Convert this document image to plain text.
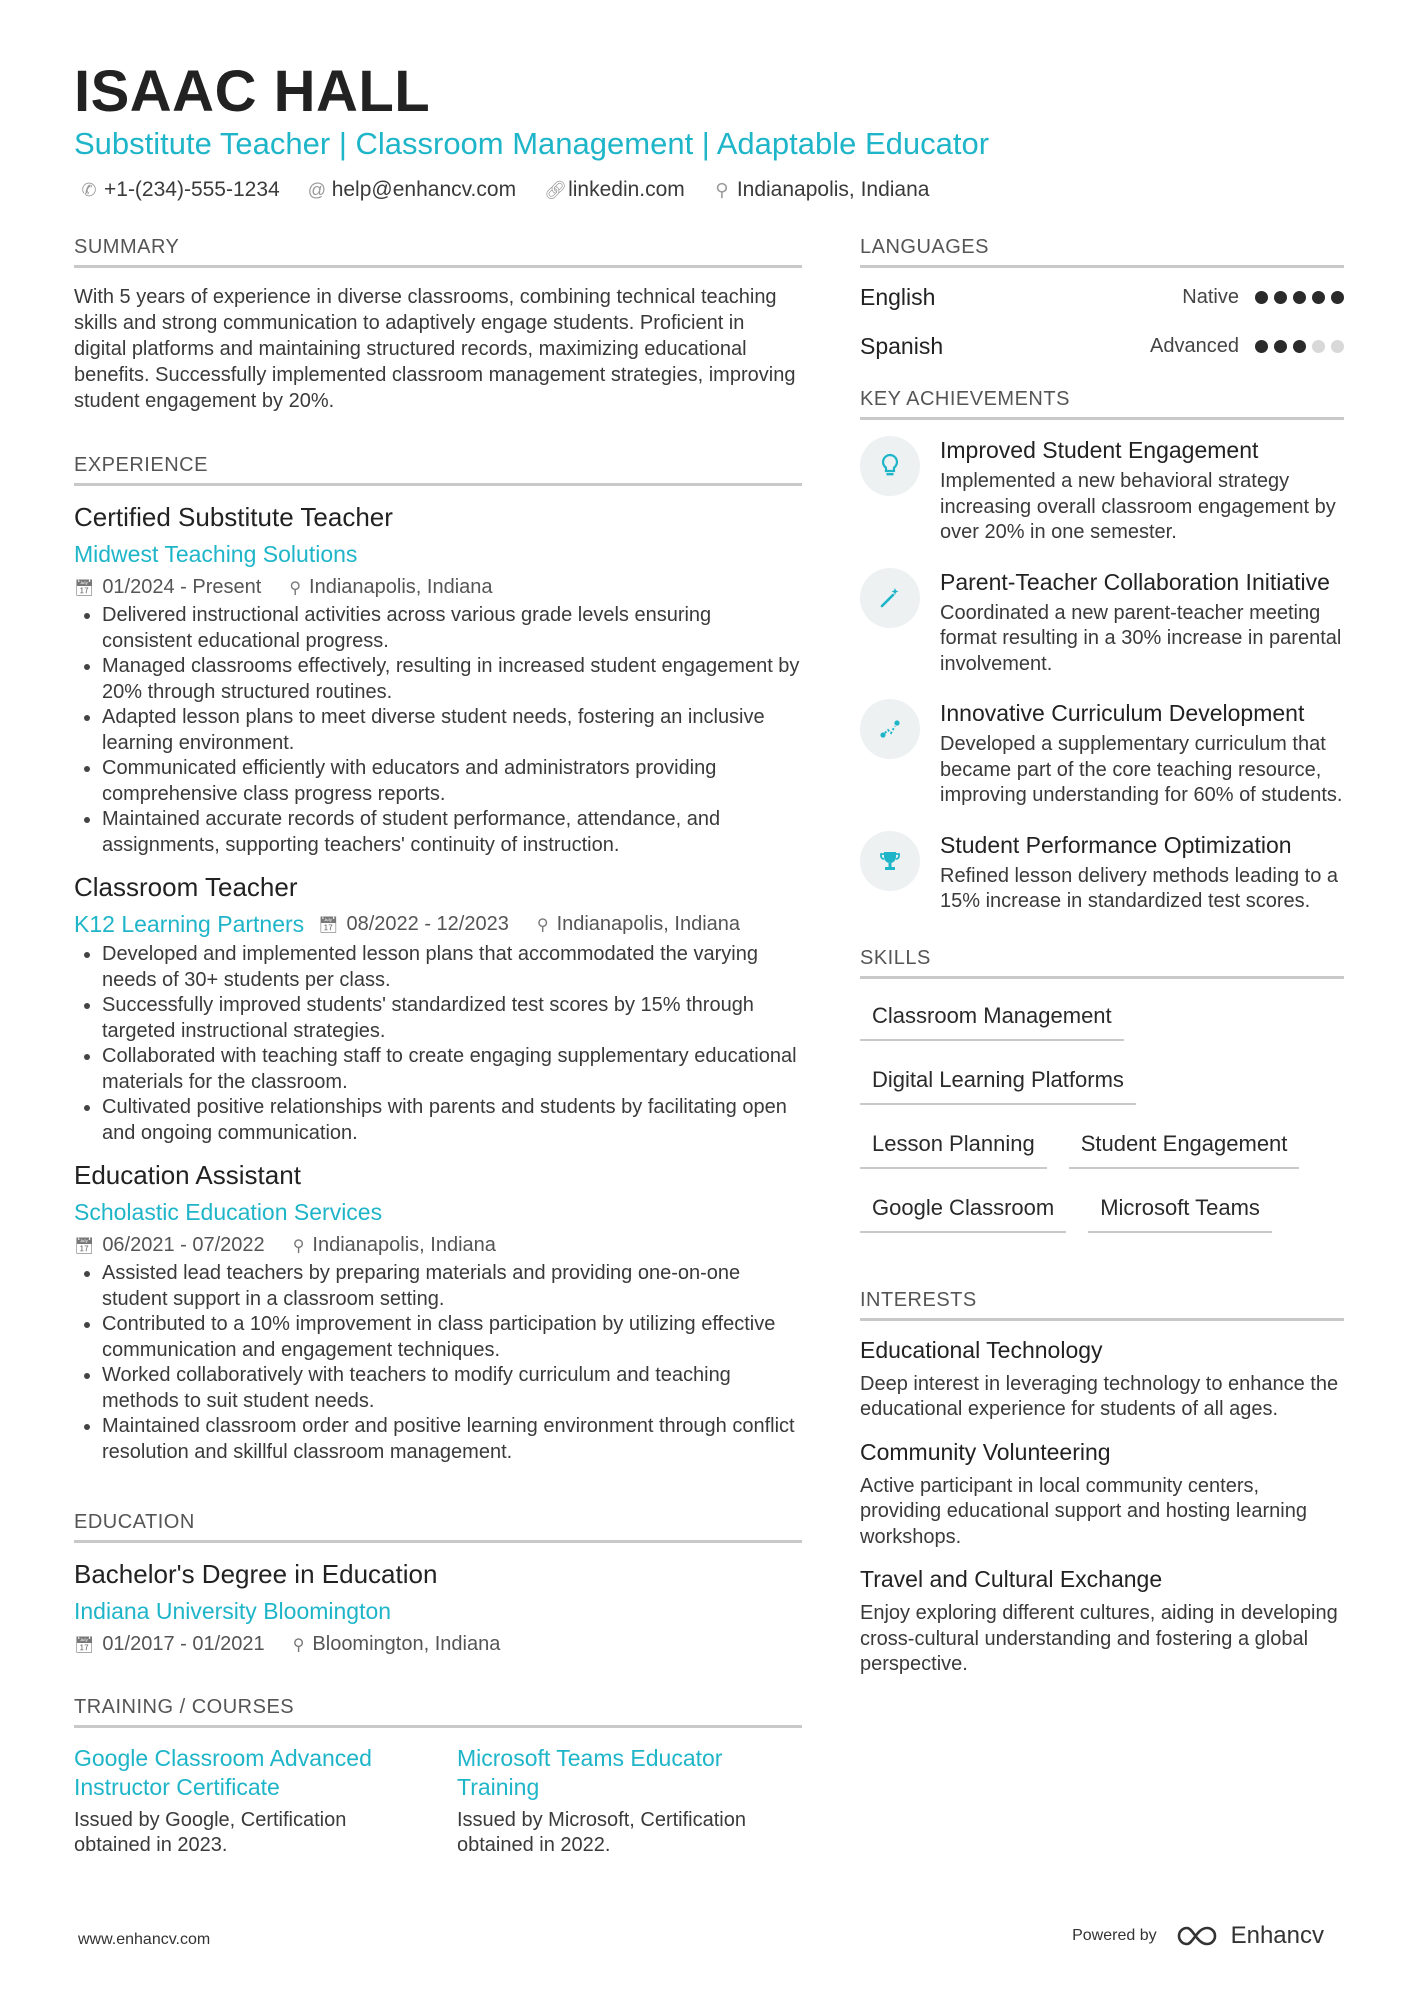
ISAAC HALL
Substitute Teacher | Classroom Management | Adaptable Educator
✆ +1-(234)-555-1234 @ help@enhancv.com 🔗︎ linkedin.com ⚲ Indianapolis, Indiana
SUMMARY
With 5 years of experience in diverse classrooms, combining technical teaching skills and strong communication to adaptively engage students. Proficient in digital platforms and maintaining structured records, maximizing educational benefits. Successfully implemented classroom management strategies, improving student engagement by 20%.
EXPERIENCE
Certified Substitute Teacher
Midwest Teaching Solutions
📅︎ 01/2024 - Present ⚲ Indianapolis, Indiana
• Delivered instructional activities across various grade levels ensuring consistent educational progress.
• Managed classrooms effectively, resulting in increased student engagement by 20% through structured routines.
• Adapted lesson plans to meet diverse student needs, fostering an inclusive learning environment.
• Communicated efficiently with educators and administrators providing comprehensive class progress reports.
• Maintained accurate records of student performance, attendance, and assignments, supporting teachers' continuity of instruction.
Classroom Teacher
K12 Learning Partners 📅︎ 08/2022 - 12/2023 ⚲ Indianapolis, Indiana
• Developed and implemented lesson plans that accommodated the varying needs of 30+ students per class.
• Successfully improved students' standardized test scores by 15% through targeted instructional strategies.
• Collaborated with teaching staff to create engaging supplementary educational materials for the classroom.
• Cultivated positive relationships with parents and students by facilitating open and ongoing communication.
Education Assistant
Scholastic Education Services
📅︎ 06/2021 - 07/2022 ⚲ Indianapolis, Indiana
• Assisted lead teachers by preparing materials and providing one-on-one student support in a classroom setting.
• Contributed to a 10% improvement in class participation by utilizing effective communication and engagement techniques.
• Worked collaboratively with teachers to modify curriculum and teaching methods to suit student needs.
• Maintained classroom order and positive learning environment through conflict resolution and skillful classroom management.
EDUCATION
Bachelor's Degree in Education
Indiana University Bloomington
📅︎ 01/2017 - 01/2021 ⚲ Bloomington, Indiana
TRAINING / COURSES
Google Classroom Advanced Instructor Certificate
Issued by Google, Certification obtained in 2023.
Microsoft Teams Educator Training
Issued by Microsoft, Certification obtained in 2022.
LANGUAGES
English	Native
Spanish	Advanced
KEY ACHIEVEMENTS
Improved Student Engagement
Implemented a new behavioral strategy increasing overall classroom engagement by over 20% in one semester.
Parent-Teacher Collaboration Initiative
Coordinated a new parent-teacher meeting format resulting in a 30% increase in parental involvement.
Innovative Curriculum Development
Developed a supplementary curriculum that became part of the core teaching resource, improving understanding for 60% of students.
Student Performance Optimization
Refined lesson delivery methods leading to a 15% increase in standardized test scores.
SKILLS
Classroom Management
Digital Learning Platforms
Lesson Planning	Student Engagement
Google Classroom	Microsoft Teams
INTERESTS
Educational Technology
Deep interest in leveraging technology to enhance the educational experience for students of all ages.
Community Volunteering
Active participant in local community centers, providing educational support and hosting learning workshops.
Travel and Cultural Exchange
Enjoy exploring different cultures, aiding in developing cross-cultural understanding and fostering a global perspective.
www.enhancv.com	Powered by	Enhancv
